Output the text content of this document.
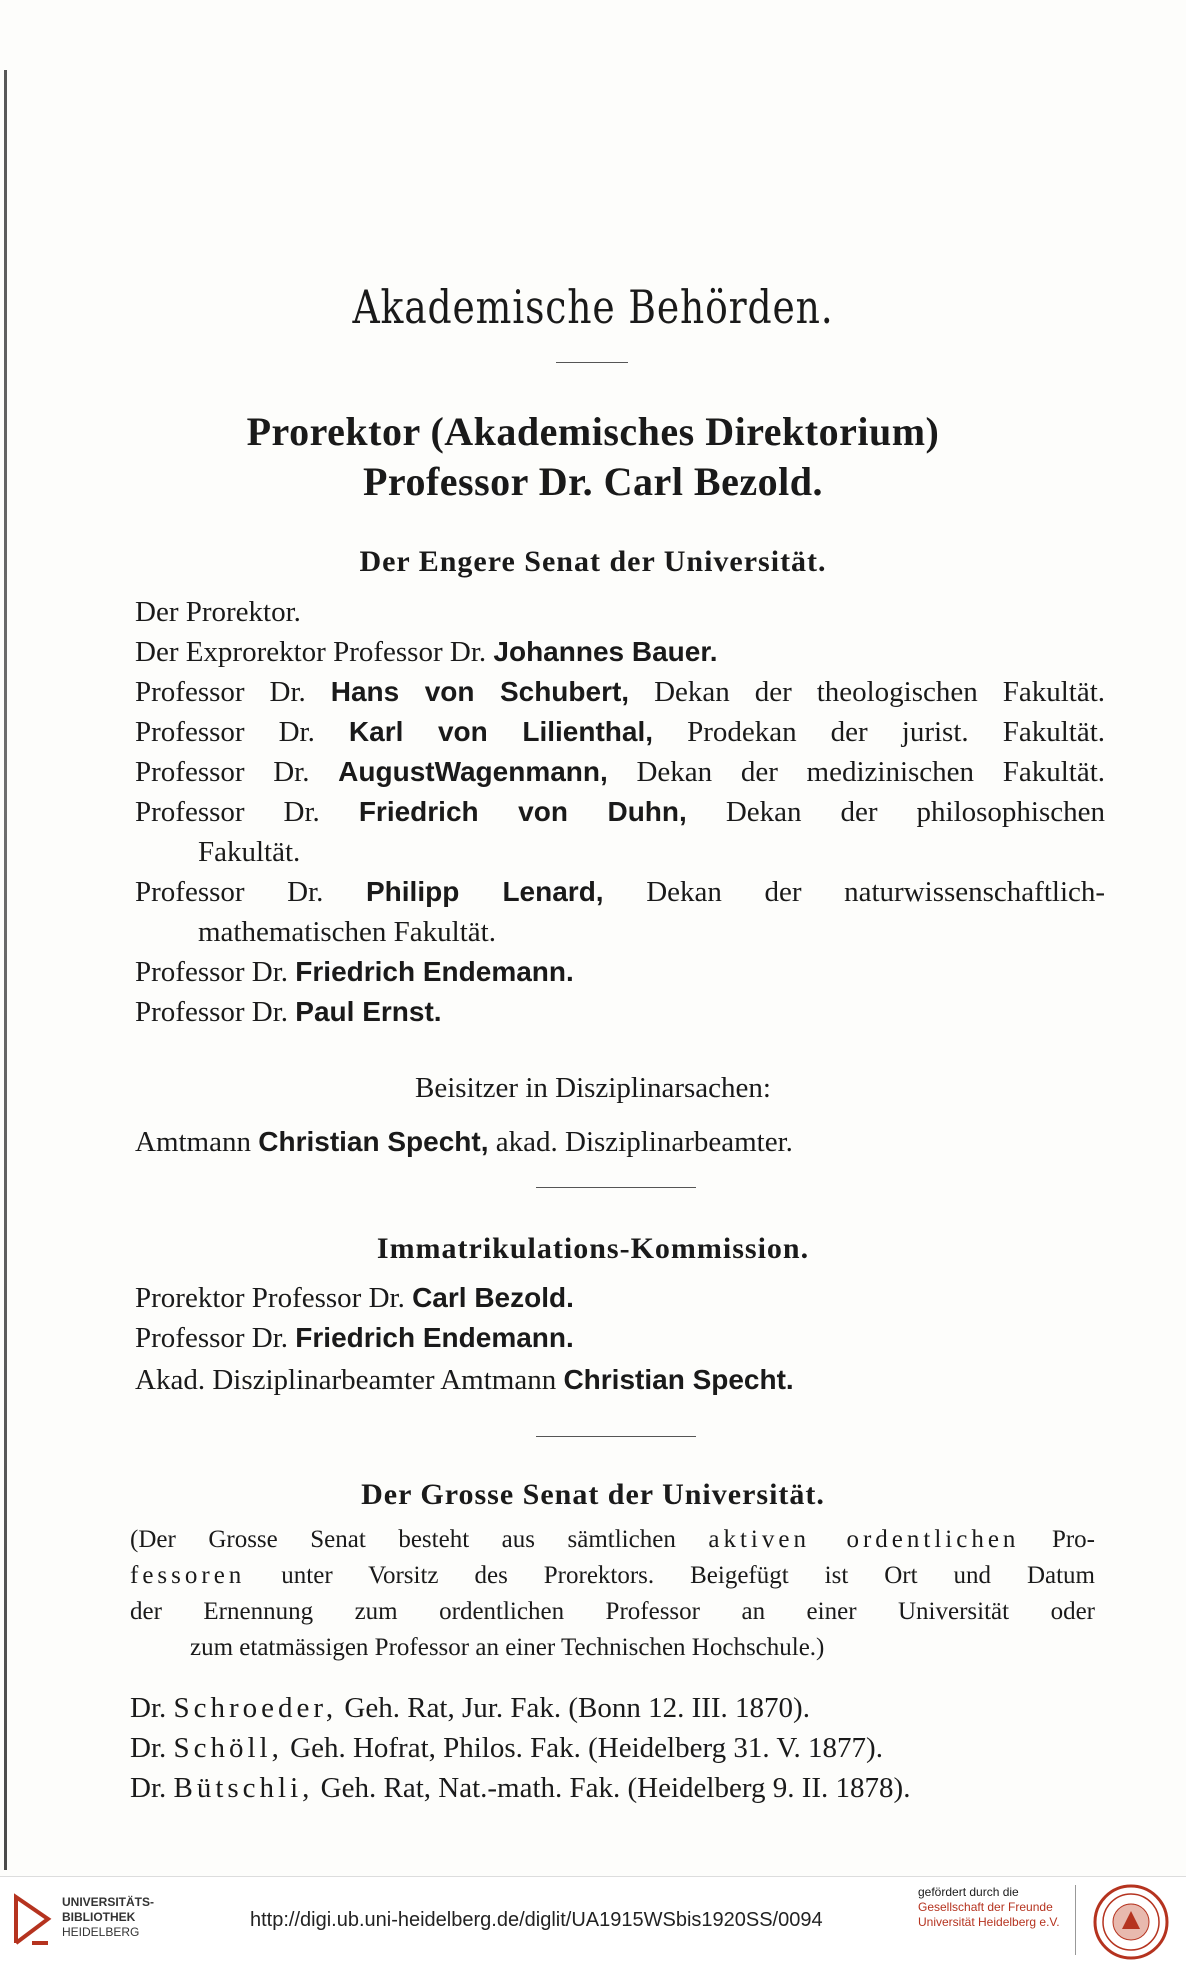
Akademische Behörden.
Prorektor (Akademisches Direktorium)
Professor Dr. Carl Bezold.
Der Engere Senat der Universität.
Der Prorektor.
Der Exprorektor Professor Dr. Johannes Bauer.
Professor Dr. Hans von Schubert, Dekan der theologischen Fakultät.
Professor Dr. Karl von Lilienthal, Prodekan der jurist. Fakultät.
Professor Dr. AugustWagenmann, Dekan der medizinischen Fakultät.
Professor Dr. Friedrich von Duhn, Dekan der philosophischen
Fakultät.
Professor Dr. Philipp Lenard, Dekan der naturwissenschaftlich-
mathematischen Fakultät.
Professor Dr. Friedrich Endemann.
Professor Dr. Paul Ernst.
Beisitzer in Disziplinarsachen:
Amtmann Christian Specht, akad. Disziplinarbeamter.
Immatrikulations-Kommission.
Prorektor Professor Dr. Carl Bezold.
Professor Dr. Friedrich Endemann.
Akad. Disziplinarbeamter Amtmann Christian Specht.
Der Grosse Senat der Universität.
(Der Grosse Senat besteht aus sämtlichen aktiven ordentlichen Pro-
fessoren unter Vorsitz des Prorektors. Beigefügt ist Ort und Datum
der Ernennung zum ordentlichen Professor an einer Universität oder
zum etatmässigen Professor an einer Technischen Hochschule.)
Dr. Schroeder, Geh. Rat, Jur. Fak. (Bonn 12. III. 1870).
Dr. Schöll, Geh. Hofrat, Philos. Fak. (Heidelberg 31. V. 1877).
Dr. Bütschli, Geh. Rat, Nat.-math. Fak. (Heidelberg 9. II. 1878).
UNIVERSITÄTS-
BIBLIOTHEK
HEIDELBERG
http://digi.ub.uni-heidelberg.de/diglit/UA1915WSbis1920SS/0094
gefördert durch die
Gesellschaft der Freunde
Universität Heidelberg e.V.
